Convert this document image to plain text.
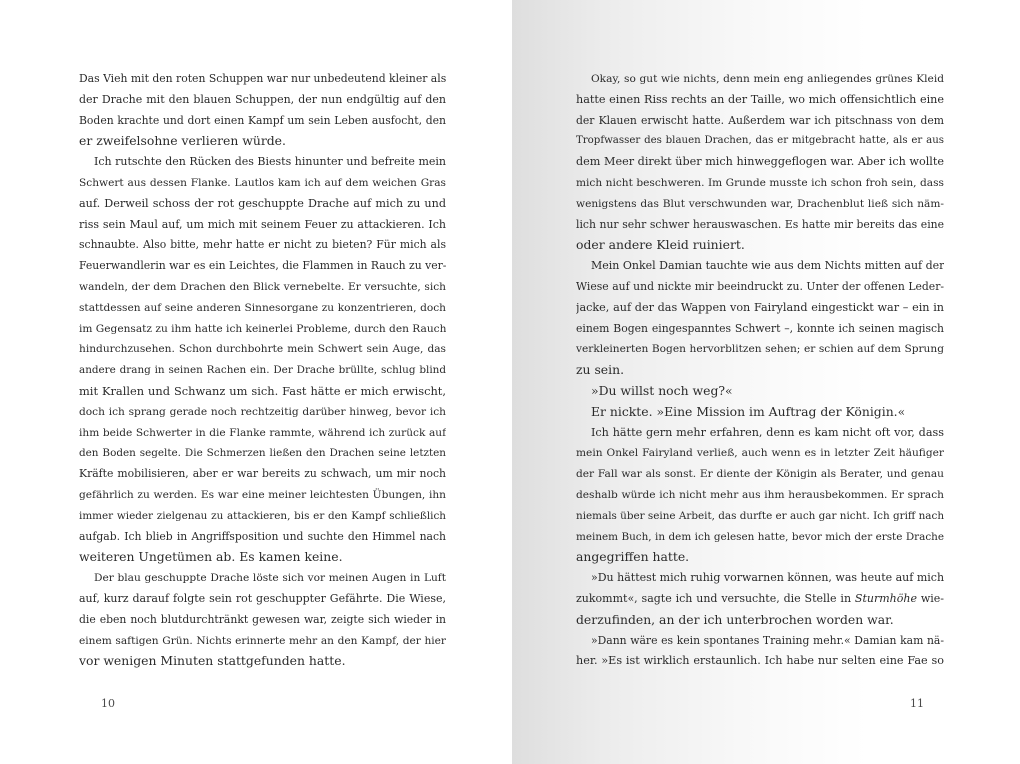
Das Vieh mit den roten Schuppen war nur unbedeutend kleiner als
der Drache mit den blauen Schuppen, der nun endgültig auf den
Boden krachte und dort einen Kampf um sein Leben ausfocht, den
er zweifelsohne verlieren würde.
Ich rutschte den Rücken des Biests hinunter und befreite mein
Schwert aus dessen Flanke. Lautlos kam ich auf dem weichen Gras
auf. Derweil schoss der rot geschuppte Drache auf mich zu und
riss sein Maul auf, um mich mit seinem Feuer zu attackieren. Ich
schnaubte. Also bitte, mehr hatte er nicht zu bieten? Für mich als
Feuerwandlerin war es ein Leichtes, die Flammen in Rauch zu ver-
wandeln, der dem Drachen den Blick vernebelte. Er versuchte, sich
stattdessen auf seine anderen Sinnesorgane zu konzentrieren, doch
im Gegensatz zu ihm hatte ich keinerlei Probleme, durch den Rauch
hindurchzusehen. Schon durchbohrte mein Schwert sein Auge, das
andere drang in seinen Rachen ein. Der Drache brüllte, schlug blind
mit Krallen und Schwanz um sich. Fast hätte er mich erwischt,
doch ich sprang gerade noch rechtzeitig darüber hinweg, bevor ich
ihm beide Schwerter in die Flanke rammte, während ich zurück auf
den Boden segelte. Die Schmerzen ließen den Drachen seine letzten
Kräfte mobilisieren, aber er war bereits zu schwach, um mir noch
gefährlich zu werden. Es war eine meiner leichtesten Übungen, ihn
immer wieder zielgenau zu attackieren, bis er den Kampf schließlich
aufgab. Ich blieb in Angriffsposition und suchte den Himmel nach
weiteren Ungetümen ab. Es kamen keine.
Der blau geschuppte Drache löste sich vor meinen Augen in Luft
auf, kurz darauf folgte sein rot geschuppter Gefährte. Die Wiese,
die eben noch blutdurchtränkt gewesen war, zeigte sich wieder in
einem saftigen Grün. Nichts erinnerte mehr an den Kampf, der hier
vor wenigen Minuten stattgefunden hatte.
10
Okay, so gut wie nichts, denn mein eng anliegendes grünes Kleid
hatte einen Riss rechts an der Taille, wo mich offensichtlich eine
der Klauen erwischt hatte. Außerdem war ich pitschnass von dem
Tropfwasser des blauen Drachen, das er mitgebracht hatte, als er aus
dem Meer direkt über mich hinweggeflogen war. Aber ich wollte
mich nicht beschweren. Im Grunde musste ich schon froh sein, dass
wenigstens das Blut verschwunden war, Drachenblut ließ sich näm-
lich nur sehr schwer herauswaschen. Es hatte mir bereits das eine
oder andere Kleid ruiniert.
Mein Onkel Damian tauchte wie aus dem Nichts mitten auf der
Wiese auf und nickte mir beeindruckt zu. Unter der offenen Leder-
jacke, auf der das Wappen von Fairyland eingestickt war – ein in
einem Bogen eingespanntes Schwert –, konnte ich seinen magisch
verkleinerten Bogen hervorblitzen sehen; er schien auf dem Sprung
zu sein.
»Du willst noch weg?«
Er nickte. »Eine Mission im Auftrag der Königin.«
Ich hätte gern mehr erfahren, denn es kam nicht oft vor, dass
mein Onkel Fairyland verließ, auch wenn es in letzter Zeit häufiger
der Fall war als sonst. Er diente der Königin als Berater, und genau
deshalb würde ich nicht mehr aus ihm herausbekommen. Er sprach
niemals über seine Arbeit, das durfte er auch gar nicht. Ich griff nach
meinem Buch, in dem ich gelesen hatte, bevor mich der erste Drache
angegriffen hatte.
»Du hättest mich ruhig vorwarnen können, was heute auf mich
zukommt«, sagte ich und versuchte, die Stelle in Sturmhöhe wie-
derzufinden, an der ich unterbrochen worden war.
»Dann wäre es kein spontanes Training mehr.« Damian kam nä-
her. »Es ist wirklich erstaunlich. Ich habe nur selten eine Fae so
11
